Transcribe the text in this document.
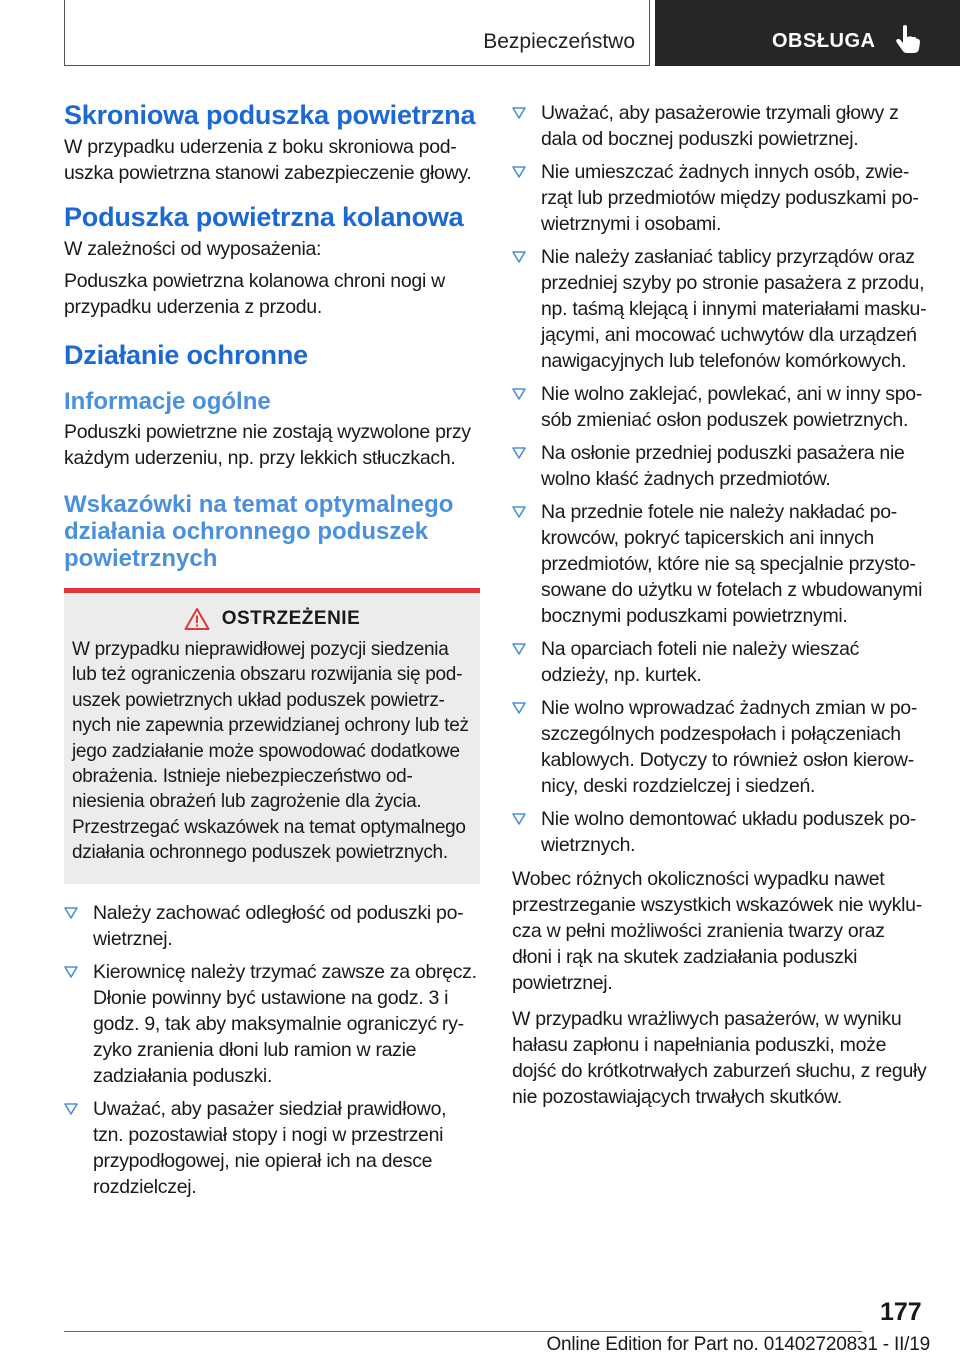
Bezpieczeństwo	OBSŁUGA
Skroniowa poduszka powietrzna

W przypadku uderzenia z boku skroniowa poduszka powietrzna stanowi zabezpieczenie głowy.

Poduszka powietrzna kolanowa

W zależności od wyposażenia:

Poduszka powietrzna kolanowa chroni nogi w przypadku uderzenia z przodu.

Działanie ochronne
Informacje ogólne

Poduszki powietrzne nie zostają wyzwolone przy każdym uderzeniu, np. przy lekkich stłuczkach.

Wskazówki na temat optymalnego działania ochronnego poduszek powietrznych
OSTRZEŻENIE

W przypadku nieprawidłowej pozycji siedzenia lub też ograniczenia obszaru rozwijania się poduszek powietrznych układ poduszek powietrznych nie zapewnia przewidzianej ochrony lub też jego zadziałanie może spowodować dodatkowe obrażenia. Istnieje niebezpieczeństwo odniesienia obrażeń lub zagrożenie dla życia. Przestrzegać wskazówek na temat optymalnego działania ochronnego poduszek powietrznych.

Należy zachować odległość od poduszki powietrznej.
Kierownicę należy trzymać zawsze za obręcz. Dłonie powinny być ustawione na godz. 3 i godz. 9, tak aby maksymalnie ograniczyć ryzyko zranienia dłoni lub ramion w razie zadziałania poduszki.
Uważać, aby pasażer siedział prawidłowo, tzn. pozostawiał stopy i nogi w przestrzeni przypodłogowej, nie opierał ich na desce rozdzielczej.
Uważać, aby pasażerowie trzymali głowy z dala od bocznej poduszki powietrznej.
Nie umieszczać żadnych innych osób, zwierząt lub przedmiotów między poduszkami powietrznymi i osobami.
Nie należy zasłaniać tablicy przyrządów oraz przedniej szyby po stronie pasażera z przodu, np. taśmą klejącą i innymi materiałami maskującymi, ani mocować uchwytów dla urządzeń nawigacyjnych lub telefonów komórkowych.
Nie wolno zaklejać, powlekać, ani w inny sposób zmieniać osłon poduszek powietrznych.
Na osłonie przedniej poduszki pasażera nie wolno kłaść żadnych przedmiotów.
Na przednie fotele nie należy nakładać pokrowców, pokryć tapicerskich ani innych przedmiotów, które nie są specjalnie przystosowane do użytku w fotelach z wbudowanymi bocznymi poduszkami powietrznymi.
Na oparciach foteli nie należy wieszać odzieży, np. kurtek.
Nie wolno wprowadzać żadnych zmian w poszczególnych podzespołach i połączeniach kablowych. Dotyczy to również osłon kierownicy, deski rozdzielczej i siedzeń.
Nie wolno demontować układu poduszek powietrznych.

Wobec różnych okoliczności wypadku nawet przestrzeganie wszystkich wskazówek nie wyklucza w pełni możliwości zranienia twarzy oraz dłoni i rąk na skutek zadziałania poduszki powietrznej.

W przypadku wrażliwych pasażerów, w wyniku hałasu zapłonu i napełniania poduszki, może dojść do krótkotrwałych zaburzeń słuchu, z reguły nie pozostawiających trwałych skutków.

177
Online Edition for Part no. 01402720831 - II/19
